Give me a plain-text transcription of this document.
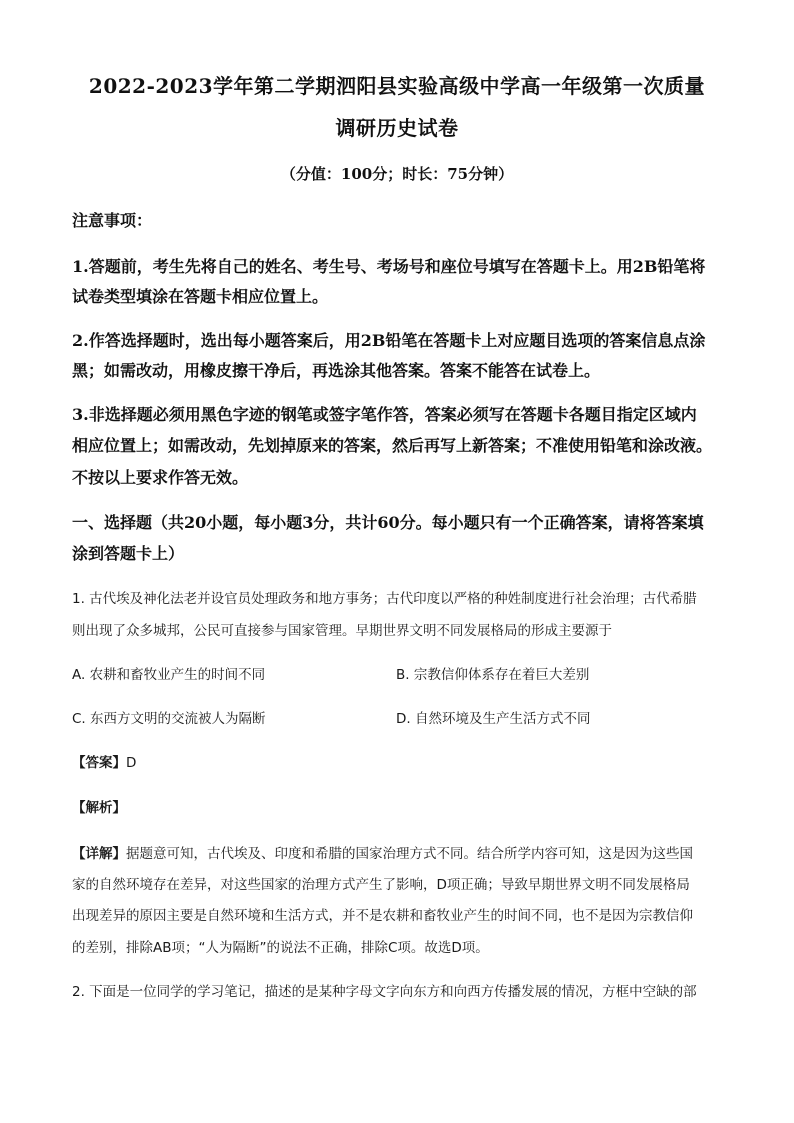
2022-2023学年第二学期泗阳县实验高级中学高一年级第一次质量
调研历史试卷
（分值：100分；时长：75分钟）
注意事项：
1.答题前，考生先将自己的姓名、考生号、考场号和座位号填写在答题卡上。用2B铅笔将
试卷类型填涂在答题卡相应位置上。
2.作答选择题时，选出每小题答案后，用2B铅笔在答题卡上对应题目选项的答案信息点涂
黑；如需改动，用橡皮擦干净后，再选涂其他答案。答案不能答在试卷上。
3.非选择题必须用黑色字迹的钢笔或签字笔作答，答案必须写在答题卡各题目指定区域内
相应位置上；如需改动，先划掉原来的答案，然后再写上新答案；不准使用铅笔和涂改液。
不按以上要求作答无效。
一、选择题（共20小题，每小题3分，共计60分。每小题只有一个正确答案，请将答案填
涂到答题卡上）
1. 古代埃及神化法老并设官员处理政务和地方事务；古代印度以严格的种姓制度进行社会治理；古代希腊
则出现了众多城邦，公民可直接参与国家管理。早期世界文明不同发展格局的形成主要源于
A. 农耕和畜牧业产生的时间不同	B. 宗教信仰体系存在着巨大差别
C. 东西方文明的交流被人为隔断	D. 自然环境及生产生活方式不同
【答案】D
【解析】
【详解】据题意可知，古代埃及、印度和希腊的国家治理方式不同。结合所学内容可知，这是因为这些国
家的自然环境存在差异，对这些国家的治理方式产生了影响，D项正确；导致早期世界文明不同发展格局
出现差异的原因主要是自然环境和生活方式，并不是农耕和畜牧业产生的时间不同，也不是因为宗教信仰
的差别，排除AB项；“人为隔断”的说法不正确，排除C项。故选D项。
2. 下面是一位同学的学习笔记，描述的是某种字母文字向东方和向西方传播发展的情况，方框中空缺的部
